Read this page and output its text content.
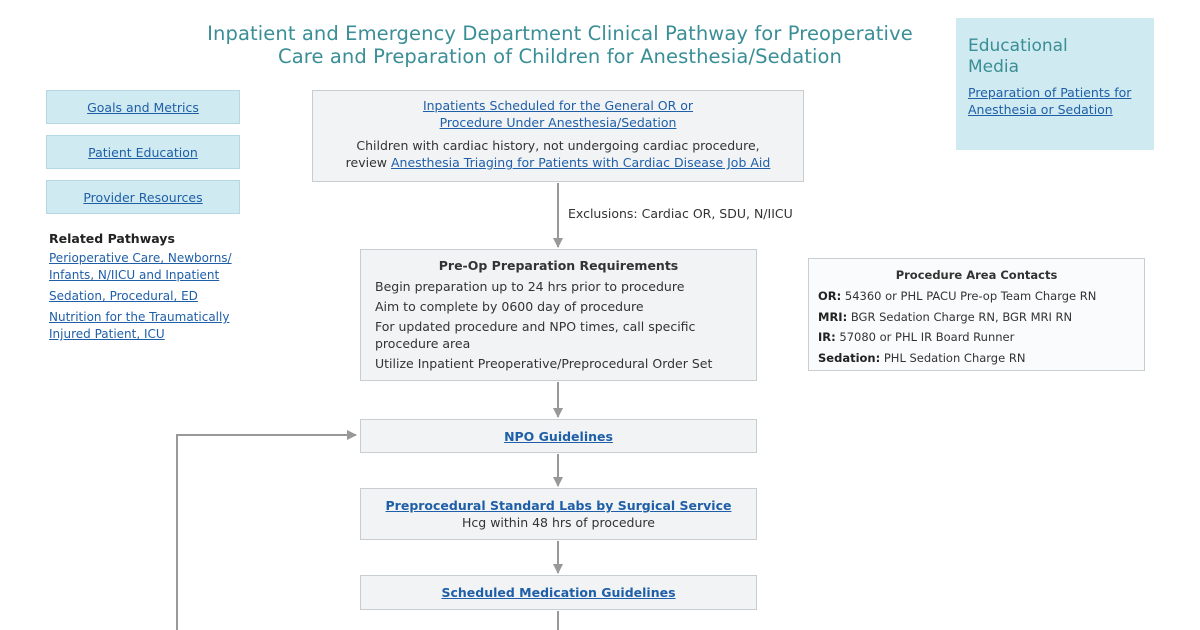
Inpatient and Emergency Department Clinical Pathway for Preoperative
Care and Preparation of Children for Anesthesia/Sedation	Educational
Media
Preparation of Patients for
Anesthesia or Sedation
Goals and Metrics
Patient Education
Provider Resources
Related Pathways
Perioperative Care, Newborns/
Infants, N/IICU and Inpatient
Sedation, Procedural, ED
Nutrition for the Traumatically
Injured Patient, ICU
Inpatients Scheduled for the General OR or
Procedure Under Anesthesia/Sedation
Children with cardiac history, not undergoing cardiac procedure,
review Anesthesia Triaging for Patients with Cardiac Disease Job Aid
Exclusions: Cardiac OR, SDU, N/IICU
Pre-Op Preparation Requirements
Begin preparation up to 24 hrs prior to procedure
Aim to complete by 0600 day of procedure
For updated procedure and NPO times, call specific procedure area
Utilize Inpatient Preoperative/Preprocedural Order Set
Procedure Area Contacts
OR: 54360 or PHL PACU Pre-op Team Charge RN
MRI: BGR Sedation Charge RN, BGR MRI RN
IR: 57080 or PHL IR Board Runner
Sedation: PHL Sedation Charge RN
NPO Guidelines
Preprocedural Standard Labs by Surgical Service
Hcg within 48 hrs of procedure
Scheduled Medication Guidelines
